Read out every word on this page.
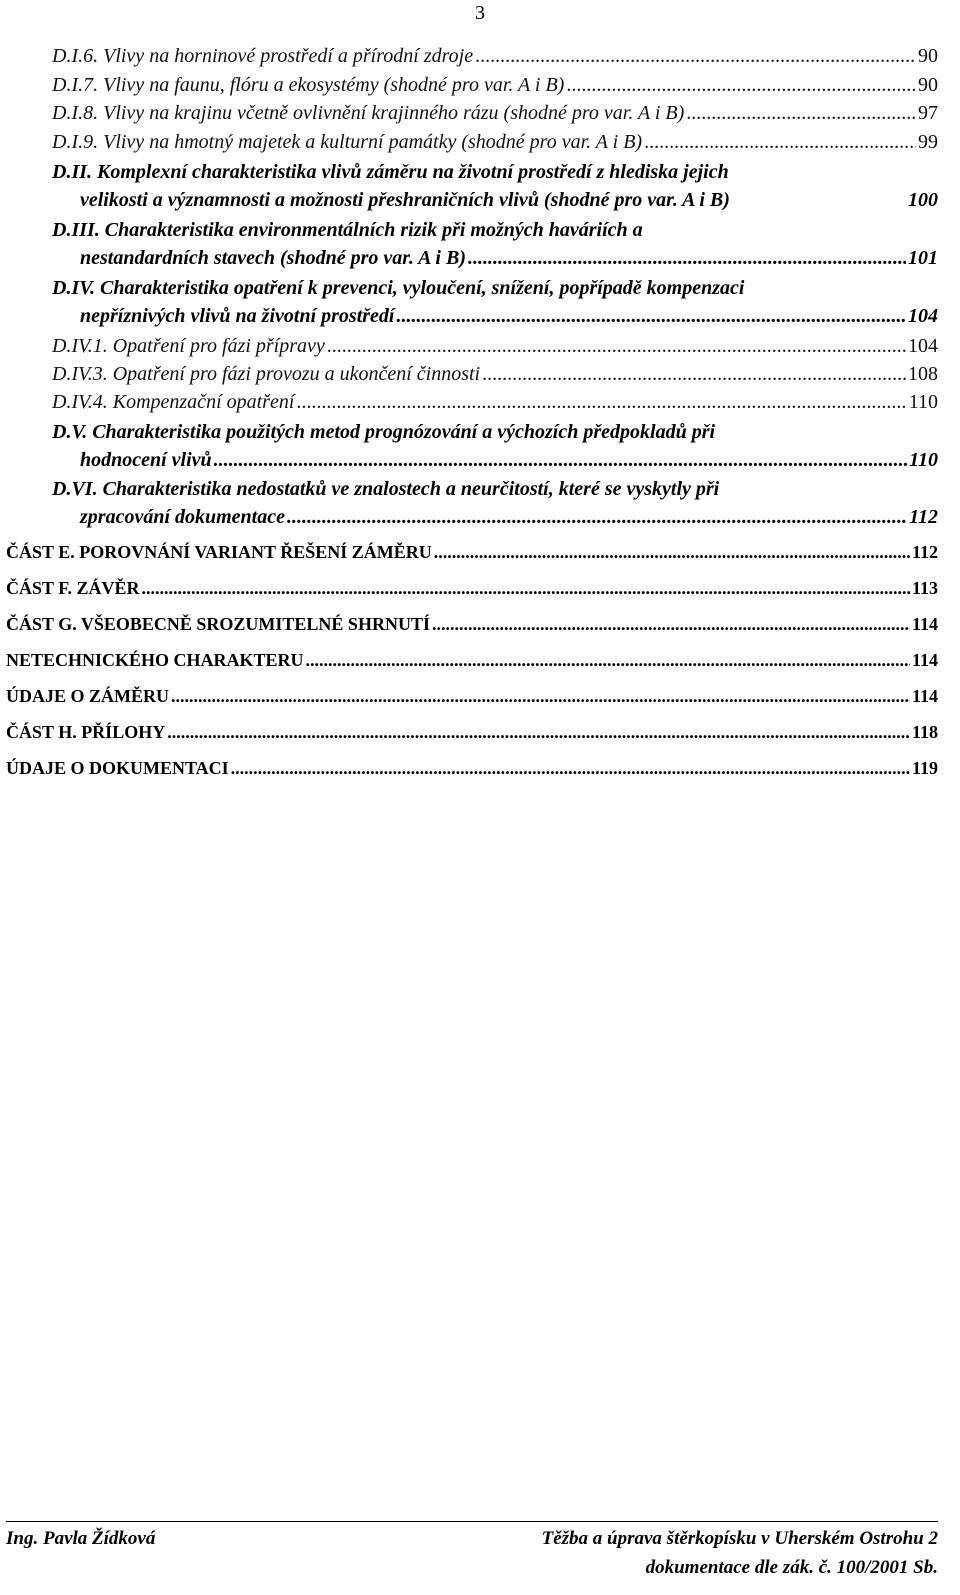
3
D.I.6. Vlivy na horninové prostředí a přírodní zdroje .....	90
D.I.7. Vlivy na faunu, flóru a ekosystémy (shodné pro var. A i B) .....	90
D.I.8. Vlivy na krajinu včetně ovlivnění krajinného rázu (shodné pro var. A i B) .....	97
D.I.9. Vlivy na hmotný majetek a kulturní památky (shodné pro var. A i B) .....	99
D.II. Komplexní charakteristika vlivů záměru na životní prostředí z hlediska jejich
velikosti a významnosti a možnosti přeshraničních vlivů (shodné pro var. A i B)	100
D.III. Charakteristika environmentálních rizik při možných haváriích a
nestandardních stavech (shodné pro var. A i B) .....	101
D.IV. Charakteristika opatření k prevenci, vyloučení, snížení, popřípadě kompenzaci
nepříznivých vlivů na životní prostředí .....	104
D.IV.1. Opatření pro fázi přípravy .....	104
D.IV.3. Opatření pro fázi provozu a ukončení činnosti .....	108
D.IV.4. Kompenzační opatření .....	110
D.V. Charakteristika použitých metod prognózování a výchozích předpokladů při
hodnocení vlivů .....	110
D.VI. Charakteristika nedostatků ve znalostech a neurčitostí, které se vyskytly při
zpracování dokumentace .....	112
ČÁST E. POROVNÁNÍ VARIANT ŘEŠENÍ ZÁMĚRU .....	112
ČÁST F. ZÁVĚR .....	113
ČÁST G. VŠEOBECNĚ SROZUMITELNÉ SHRNUTÍ .....	114
NETECHNICKÉHO CHARAKTERU .....	114
ÚDAJE O ZÁMĚRU .....	114
ČÁST H. PŘÍLOHY .....	118
ÚDAJE O DOKUMENTACI .....	119
Ing. Pavla Žídková	Těžba a úprava štěrkopísku v Uherském Ostrohu 2
dokumentace dle zák. č. 100/2001 Sb.
